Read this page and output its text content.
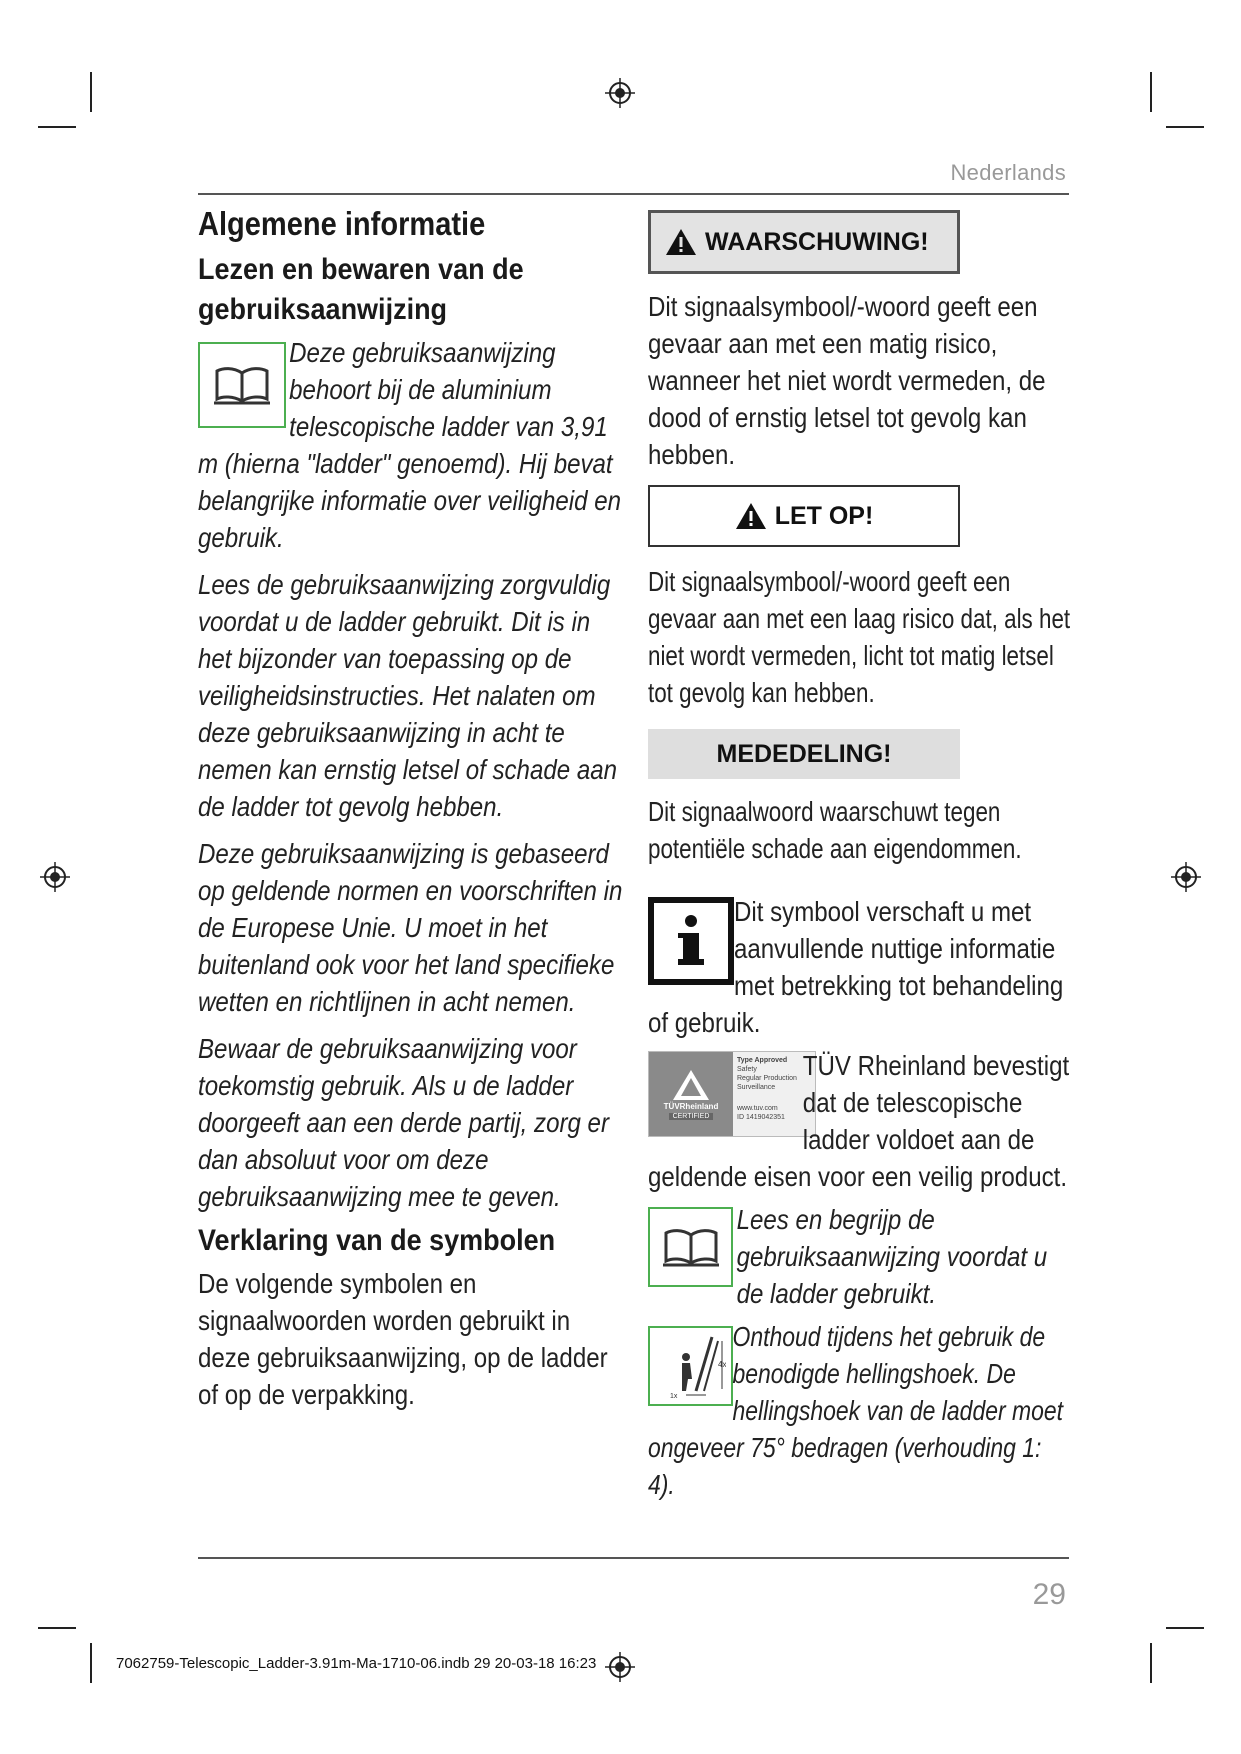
Nederlands
Algemene informatie
Lezen en bewaren van de gebruiksaanwijzing

Deze gebruiksaanwijzing behoort bij de aluminium telescopische ladder van 3,91 m (hierna "ladder" genoemd). Hij bevat belangrijke informatie over veiligheid en gebruik.

Lees de gebruiksaanwijzing zorgvuldig voordat u de ladder gebruikt. Dit is in het bijzonder van toepassing op de veiligheidsinstructies. Het nalaten om deze gebruiksaanwijzing in acht te nemen kan ernstig letsel of schade aan de ladder tot gevolg hebben.

Deze gebruiksaanwijzing is gebaseerd op geldende normen en voorschriften in de Europese Unie. U moet in het buitenland ook voor het land specifieke wetten en richtlijnen in acht nemen.

Bewaar de gebruiksaanwijzing voor toekomstig gebruik. Als u de ladder doorgeeft aan een derde partij, zorg er dan absoluut voor om deze gebruiksaanwijzing mee te geven.

Verklaring van de symbolen

De volgende symbolen en signaalwoorden worden gebruikt in deze gebruiksaanwijzing, op de ladder of op de verpakking.

WAARSCHUWING!

Dit signaalsymbool/-woord geeft een gevaar aan met een matig risico, wanneer het niet wordt vermeden, de dood of ernstig letsel tot gevolg kan hebben.

LET OP!

Dit signaalsymbool/-woord geeft een gevaar aan met een laag risico dat, als het niet wordt vermeden, licht tot matig letsel tot gevolg kan hebben.

MEDEDELING!

Dit signaalwoord waarschuwt tegen potentiële schade aan eigendommen.

Dit symbool verschaft u met aanvullende nuttige informatie met betrekking tot behandeling of gebruik.

TÜVRheinland
CERTIFIED
Type Approved
Safety
Regular Production
Surveillance
www.tuv.com
ID 1419042351

TÜV Rheinland bevestigt dat de telescopische ladder voldoet aan de geldende eisen voor een veilig product.

Lees en begrijp de gebruiksaanwijzing voordat u de ladder gebruikt.

4x
1x

Onthoud tijdens het gebruik de benodigde hellingshoek. De hellingshoek van de ladder moet ongeveer 75° bedragen (verhouding 1: 4).

29
7062759-Telescopic_Ladder-3.91m-Ma-1710-06.indb 29 20-03-18 16:23
